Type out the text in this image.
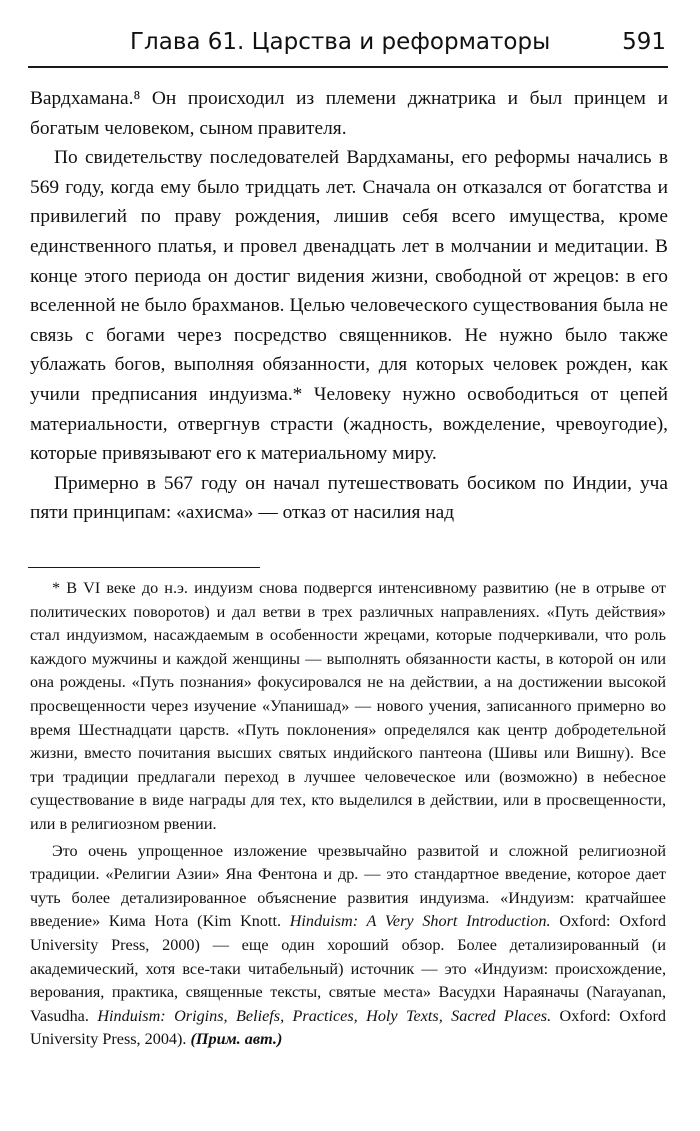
Глава 61. Царства и реформаторы	591

Вардхамана.⁸ Он происходил из племени джнатрика и был принцем и богатым человеком, сыном правителя.

По свидетельству последователей Вардхаманы, его реформы начались в 569 году, когда ему было тридцать лет. Сначала он отказался от богатства и привилегий по праву рождения, лишив себя всего имущества, кроме единственного платья, и провел двенадцать лет в молчании и медитации. В конце этого периода он достиг видения жизни, свободной от жрецов: в его вселенной не было брахманов. Целью человеческого существования была не связь с богами через посредство священников. Не нужно было также ублажать богов, выполняя обязанности, для которых человек рожден, как учили предписания индуизма.* Человеку нужно освободиться от цепей материальности, отвергнув страсти (жадность, вожделение, чревоугодие), которые привязывают его к материальному миру.

Примерно в 567 году он начал путешествовать босиком по Индии, уча пяти принципам: «ахисма» — отказ от насилия над

* В VI веке до н.э. индуизм снова подвергся интенсивному развитию (не в отрыве от политических поворотов) и дал ветви в трех различных направлениях. «Путь действия» стал индуизмом, насаждаемым в особенности жрецами, которые подчеркивали, что роль каждого мужчины и каждой женщины — выполнять обязанности касты, в которой он или она рождены. «Путь познания» фокусировался не на действии, а на достижении высокой просвещенности через изучение «Упанишад» — нового учения, записанного примерно во время Шестнадцати царств. «Путь поклонения» определялся как центр добродетельной жизни, вместо почитания высших святых индийского пантеона (Шивы или Вишну). Все три традиции предлагали переход в лучшее человеческое или (возможно) в небесное существование в виде награды для тех, кто выделился в действии, или в просвещенности, или в религиозном рвении.

Это очень упрощенное изложение чрезвычайно развитой и сложной религиозной традиции. «Религии Азии» Яна Фентона и др. — это стандартное введение, которое дает чуть более детализированное объяснение развития индуизма. «Индуизм: кратчайшее введение» Кима Нота (Kim Knott. Hinduism: A Very Short Introduction. Oxford: Oxford University Press, 2000) — еще один хороший обзор. Более детализированный (и академический, хотя все-таки читабельный) источник — это «Индуизм: происхождение, верования, практика, священные тексты, святые места» Васудхи Нараяначы (Narayanan, Vasudha. Hinduism: Origins, Beliefs, Practices, Holy Texts, Sacred Places. Oxford: Oxford University Press, 2004). (Прим. авт.)
